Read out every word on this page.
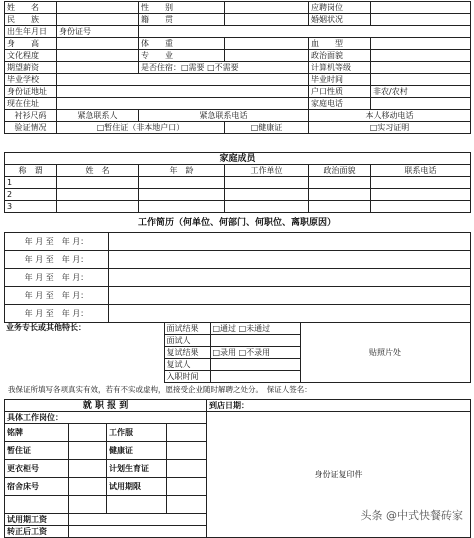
姓　　名		性　　别		应聘岗位	
民　　族		籍　　贯		婚姻状况	
出生年月日	身份证号				
身　　高		体　　重		血　　型	
文化程度		专　　业		政治面貌	
期望薪资		是否住宿：□需要 □不需要		计算机等级	
毕业学校				毕业时间	
身份证地址				户口性质	非农/农村
现在住址				家庭电话	
衬衫尺码	紧急联系人	紧急联系电话		本人移动电话	
验证情况	□暂住证（非本地户口）		□健康证	□实习证明	
家庭成员					
称　谓	姓　名	年　龄	工作单位	政治面貌	联系电话
1					
2					
3					
工作简历（何单位、何部门、何职位、离职原因）
年 月 至　年 月：	
年 月 至　年 月：	
年 月 至　年 月：	
年 月 至　年 月：	
年 月 至　年 月：	
业务专长或其他特长：	面试结果	□通过 □未通过	贴照片处
	面试人		
	复试结果	□录用 □不录用	
	复试人		
	入职时间		
我保证所填写各项真实有效，若有不实或虚构，愿接受企业随时解聘之处分。　保证人签名：
就 职 报 到				到店日期：
具体工作岗位：				身份证复印件
铭牌		工作服		
暂住证		健康证		
更衣柜号		计划生育证		
宿舍床号		试用期限		

试用期工资				
转正后工资				
头条 @中式快餐砖家
